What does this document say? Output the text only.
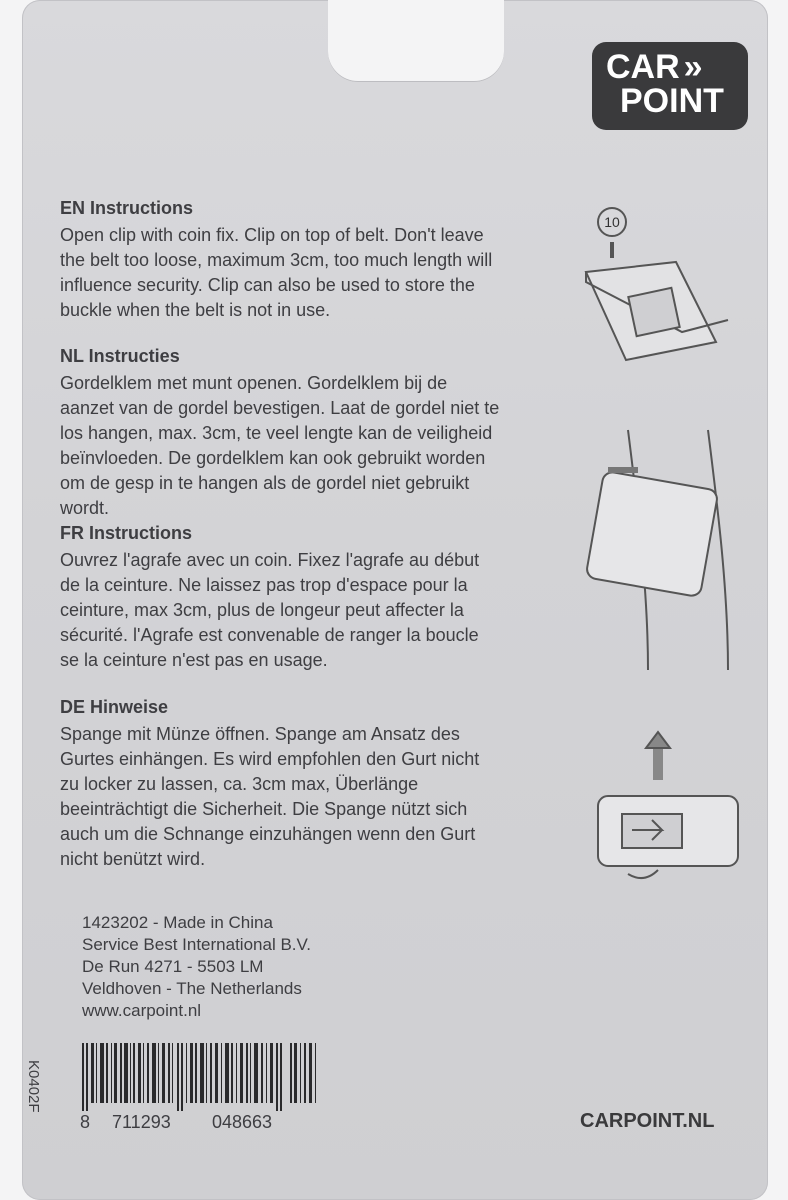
CAR »
POINT
EN Instructions

Open clip with coin fix. Clip on top of belt. Don't leave the belt too loose, maximum 3cm, too much length will influence security. Clip can also be used to store the buckle when the belt is not in use.

NL Instructies

Gordelklem met munt openen. Gordelklem bij de aanzet van de gordel bevestigen. Laat de gordel niet te los hangen, max. 3cm, te veel lengte kan de veiligheid beïnvloeden. De gordelklem kan ook gebruikt worden om de gesp in te hangen als de gordel niet gebruikt wordt.

FR Instructions

Ouvrez l'agrafe avec un coin. Fixez l'agrafe au début de la ceinture. Ne laissez pas trop d'espace pour la ceinture, max 3cm, plus de longeur peut affecter la sécurité. l'Agrafe est convenable de ranger la boucle se la ceinture n'est pas en usage.

DE Hinweise

Spange mit Münze öffnen. Spange am Ansatz des Gurtes einhängen. Es wird empfohlen den Gurt nicht zu locker zu lassen, ca. 3cm max, Überlänge beeinträchtigt die Sicherheit. Die Spange nützt sich auch um die Schnange einzuhängen wenn den Gurt nicht benützt wird.

1423202 - Made in China
Service Best International B.V.
De Run 4271 - 5503 LM
Veldhoven - The Netherlands
www.carpoint.nl
8 711293 048663
K0402F
CARPOINT.NL
10
